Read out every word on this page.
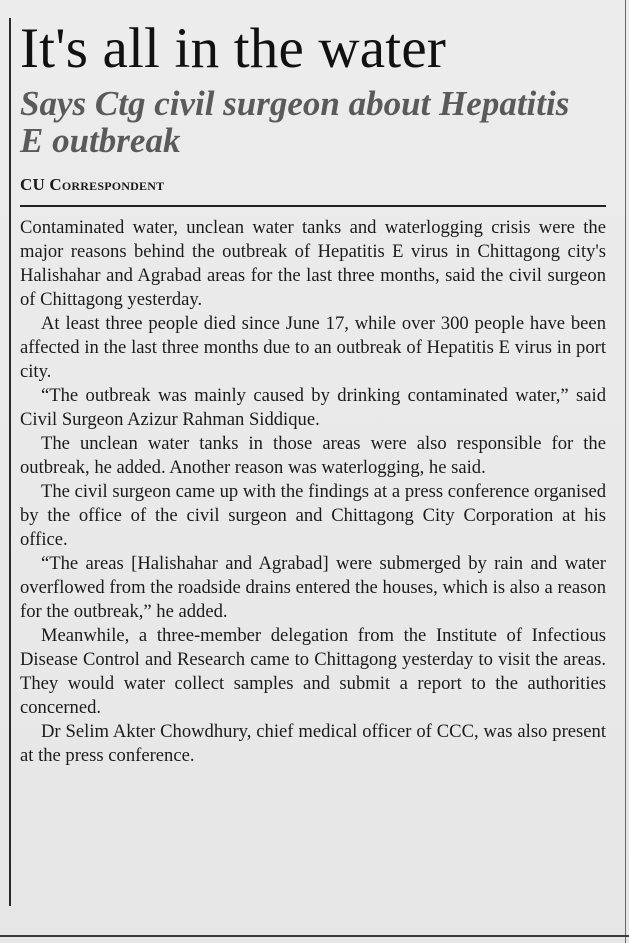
It's all in the water
Says Ctg civil surgeon about Hepatitis E outbreak
CU Correspondent

Contaminated water, unclean water tanks and waterlogging crisis were the major reasons behind the outbreak of Hepatitis E virus in Chittagong city's Halishahar and Agrabad areas for the last three months, said the civil surgeon of Chittagong yesterday.

At least three people died since June 17, while over 300 people have been affected in the last three months due to an outbreak of Hepatitis E virus in port city.

“The outbreak was mainly caused by drinking contaminated water,” said Civil Surgeon Azizur Rahman Siddique.

The unclean water tanks in those areas were also responsible for the outbreak, he added. Another reason was waterlogging, he said.

The civil surgeon came up with the findings at a press conference organised by the office of the civil surgeon and Chittagong City Corporation at his office.

“The areas [Halishahar and Agrabad] were submerged by rain and water overflowed from the roadside drains entered the houses, which is also a reason for the outbreak,” he added.

Meanwhile, a three-member delegation from the Institute of Infectious Disease Control and Research came to Chittagong yesterday to visit the areas. They would water collect samples and submit a report to the authorities concerned.

Dr Selim Akter Chowdhury, chief medical officer of CCC, was also present at the press conference.
